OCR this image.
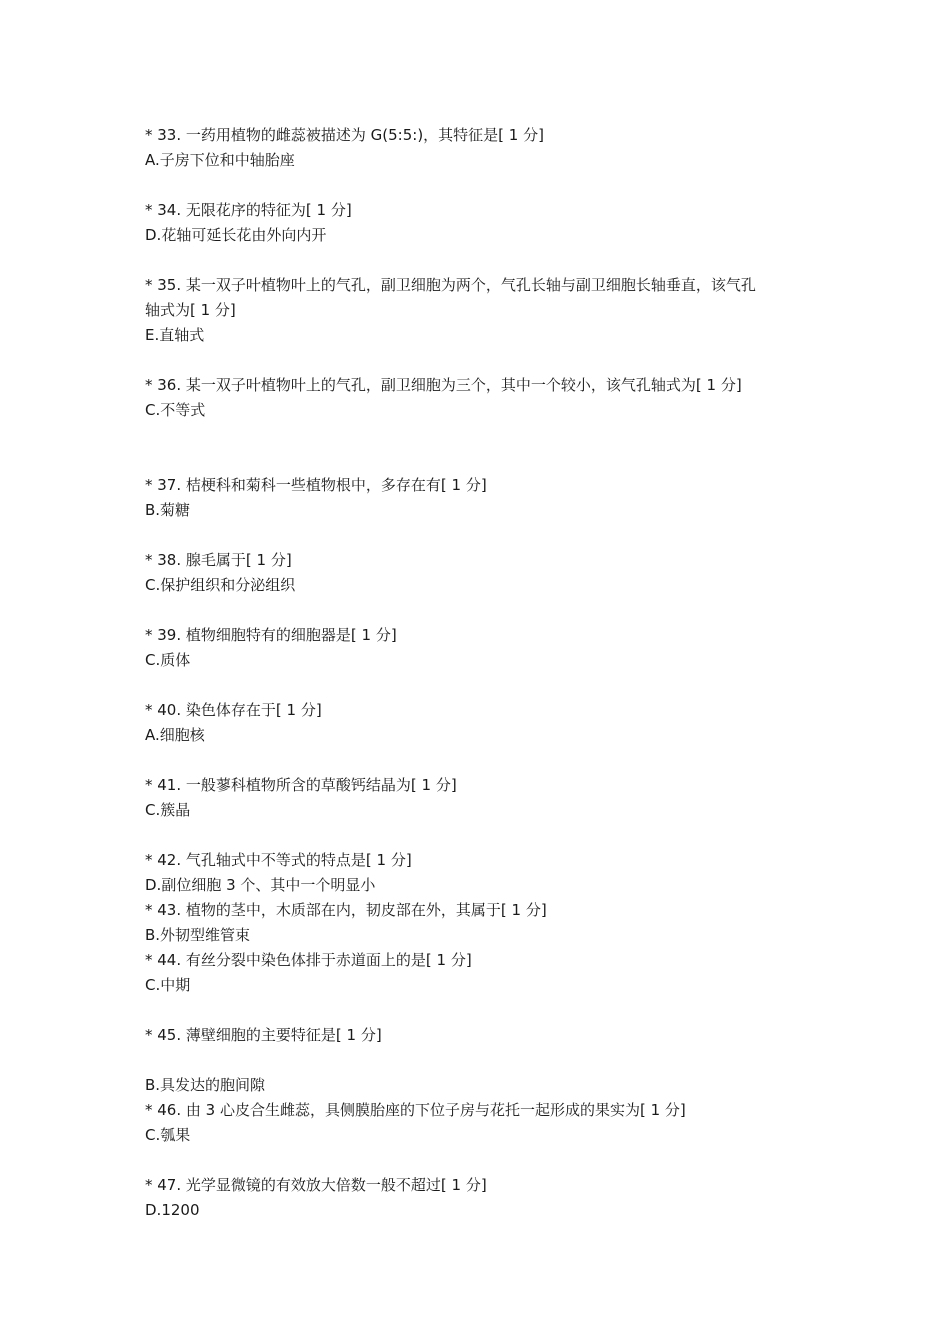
* 33. 一药用植物的雌蕊被描述为 G(5:5:)，其特征是[ 1 分]
A.子房下位和中轴胎座
* 34. 无限花序的特征为[ 1 分]
D.花轴可延长花由外向内开
* 35. 某一双子叶植物叶上的气孔，副卫细胞为两个，气孔长轴与副卫细胞长轴垂直，该气孔
轴式为[ 1 分]
E.直轴式
* 36. 某一双子叶植物叶上的气孔，副卫细胞为三个，其中一个较小，该气孔轴式为[ 1 分]
C.不等式
* 37. 桔梗科和菊科一些植物根中，多存在有[ 1 分]
B.菊糖
* 38. 腺毛属于[ 1 分]
C.保护组织和分泌组织
* 39. 植物细胞特有的细胞器是[ 1 分]
C.质体
* 40. 染色体存在于[ 1 分]
A.细胞核
* 41. 一般蓼科植物所含的草酸钙结晶为[ 1 分]
C.簇晶
* 42. 气孔轴式中不等式的特点是[ 1 分]
D.副位细胞 3 个、其中一个明显小
* 43. 植物的茎中，木质部在内，韧皮部在外，其属于[ 1 分]
B.外韧型维管束
* 44. 有丝分裂中染色体排于赤道面上的是[ 1 分]
C.中期
* 45. 薄壁细胞的主要特征是[ 1 分]
B.具发达的胞间隙
* 46. 由 3 心皮合生雌蕊，具侧膜胎座的下位子房与花托一起形成的果实为[ 1 分]
C.瓠果
* 47. 光学显微镜的有效放大倍数一般不超过[ 1 分]
D.1200
